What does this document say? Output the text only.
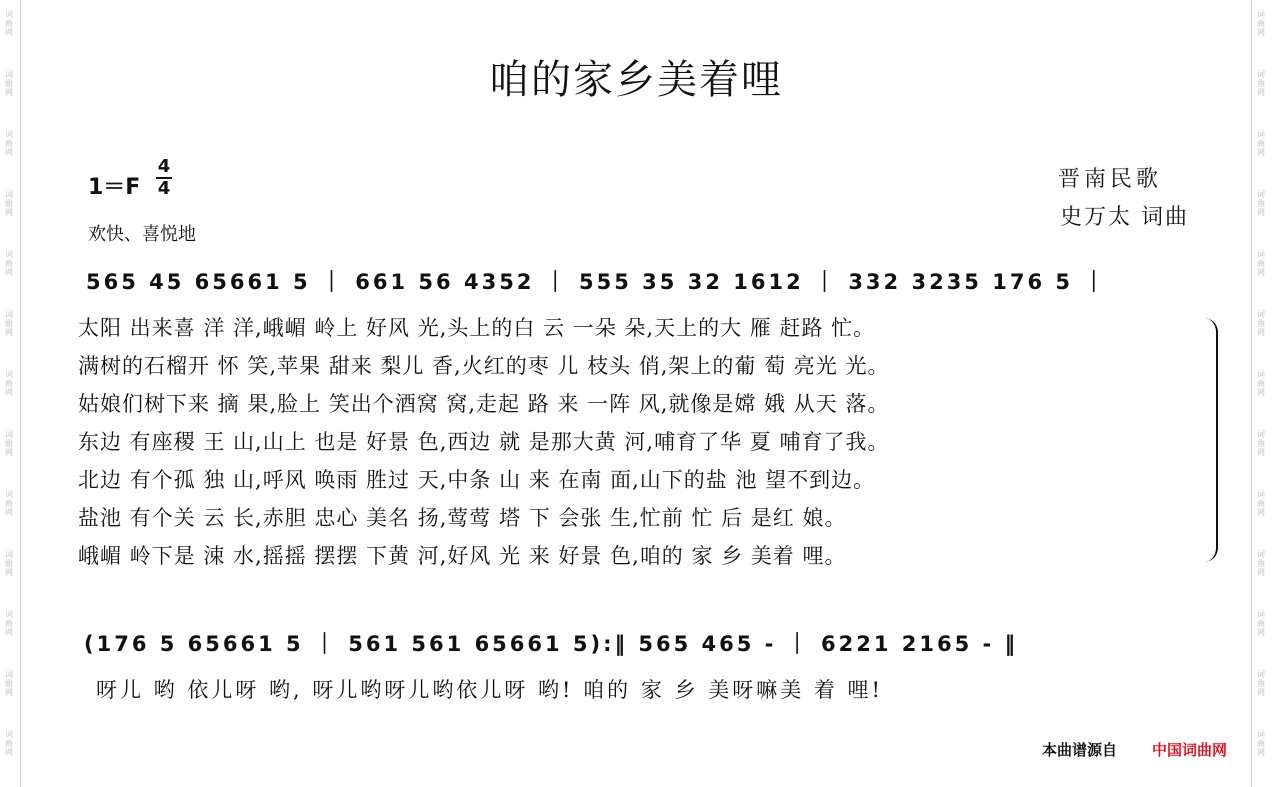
词曲网
词曲网
词曲网
词曲网
词曲网
词曲网
词曲网
词曲网
词曲网
词曲网
词曲网
词曲网
词曲网
词曲网
词曲网
词曲网
词曲网
词曲网
词曲网
词曲网
词曲网
词曲网
词曲网
词曲网
词曲网
词曲网
咱的家乡美着哩
1＝F
4
4
欢快、喜悦地
晋南民歌
史万太 词曲
565 45 65661 5 ｜ 661 56 4352 ｜ 555 35 32 1612 ｜ 332 3235 176 5 ｜
太阳 出来喜 洋 洋,峨嵋 岭上 好风 光,头上的白 云 一朵 朵,天上的大 雁 赶路 忙。
满树的石榴开 怀 笑,苹果 甜来 梨儿 香,火红的枣 儿 枝头 俏,架上的葡 萄 亮光 光。
姑娘们树下来 摘 果,脸上 笑出个酒窝 窝,走起 路 来 一阵 风,就像是嫦 娥 从天 落。
东边 有座稷 王 山,山上 也是 好景 色,西边 就 是那大黄 河,哺育了华 夏 哺育了我。
北边 有个孤 独 山,呼风 唤雨 胜过 天,中条 山 来 在南 面,山下的盐 池 望不到边。
盐池 有个关 云 长,赤胆 忠心 美名 扬,莺莺 塔 下 会张 生,忙前 忙 后 是红 娘。
峨嵋 岭下是 涑 水,摇摇 摆摆 下黄 河,好风 光 来 好景 色,咱的 家 乡 美着 哩。
(176 5 65661 5 ｜ 561 561 65661 5):‖ 565 465 - ｜ 6221 2165 - ‖
呀儿 哟 依儿呀 哟, 呀儿哟呀儿哟依儿呀 哟! 咱的 家 乡 美呀嘛美 着 哩!
本曲谱源自 中国词曲网
